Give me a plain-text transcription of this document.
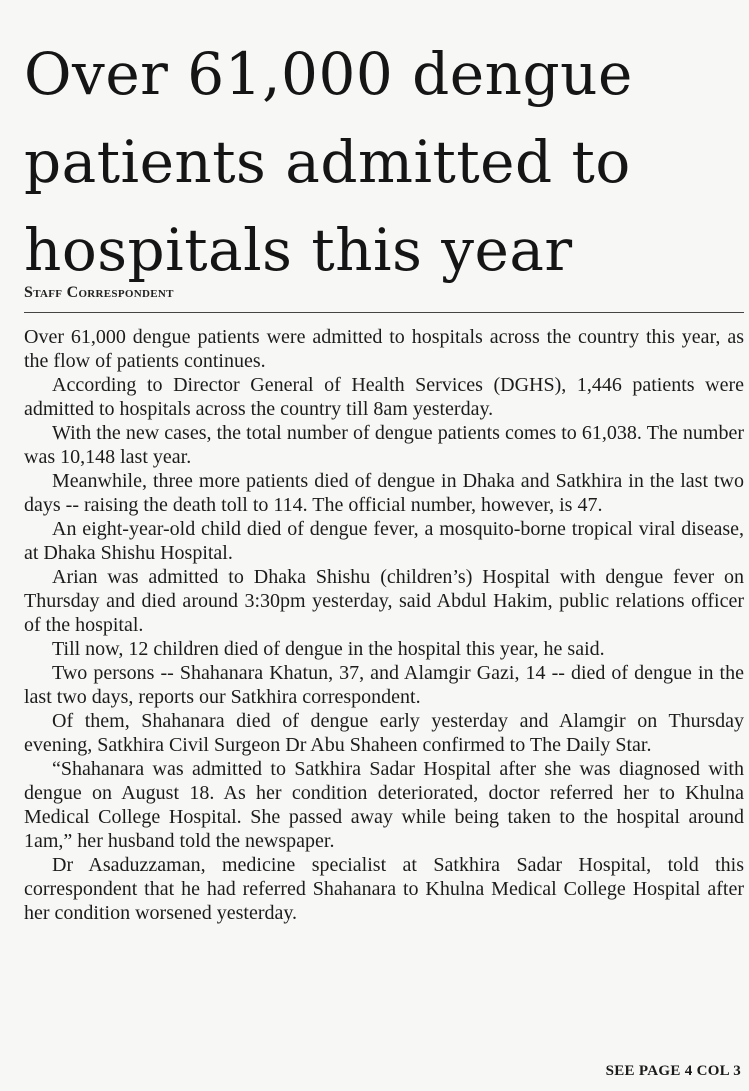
Over 61,000 dengue
patients admitted to
hospitals this year
Staff Correspondent

Over 61,000 dengue patients were admitted to hospitals across the country this year, as the flow of patients continues.

According to Director General of Health Services (DGHS), 1,446 patients were admitted to hospitals across the country till 8am yesterday.

With the new cases, the total number of dengue patients comes to 61,038. The number was 10,148 last year.

Meanwhile, three more patients died of dengue in Dhaka and Satkhira in the last two days -- raising the death toll to 114. The official number, however, is 47.

An eight-year-old child died of dengue fever, a mosquito-borne tropical viral disease, at Dhaka Shishu Hospital.

Arian was admitted to Dhaka Shishu (children’s) Hospital with dengue fever on Thursday and died around 3:30pm yesterday, said Abdul Hakim, public relations officer of the hospital.

Till now, 12 children died of dengue in the hospital this year, he said.

Two persons -- Shahanara Khatun, 37, and Alamgir Gazi, 14 -- died of dengue in the last two days, reports our Satkhira correspondent.

Of them, Shahanara died of dengue early yesterday and Alamgir on Thursday evening, Satkhira Civil Surgeon Dr Abu Shaheen confirmed to The Daily Star.

“Shahanara was admitted to Satkhira Sadar Hospital after she was diagnosed with dengue on August 18. As her condition deteriorated, doctor referred her to Khulna Medical College Hospital. She passed away while being taken to the hospital around 1am,” her husband told the newspaper.

Dr Asaduzzaman, medicine specialist at Satkhira Sadar Hospital, told this correspondent that he had referred Shahanara to Khulna Medical College Hospital after her condition worsened yesterday.

SEE PAGE 4 COL 3
